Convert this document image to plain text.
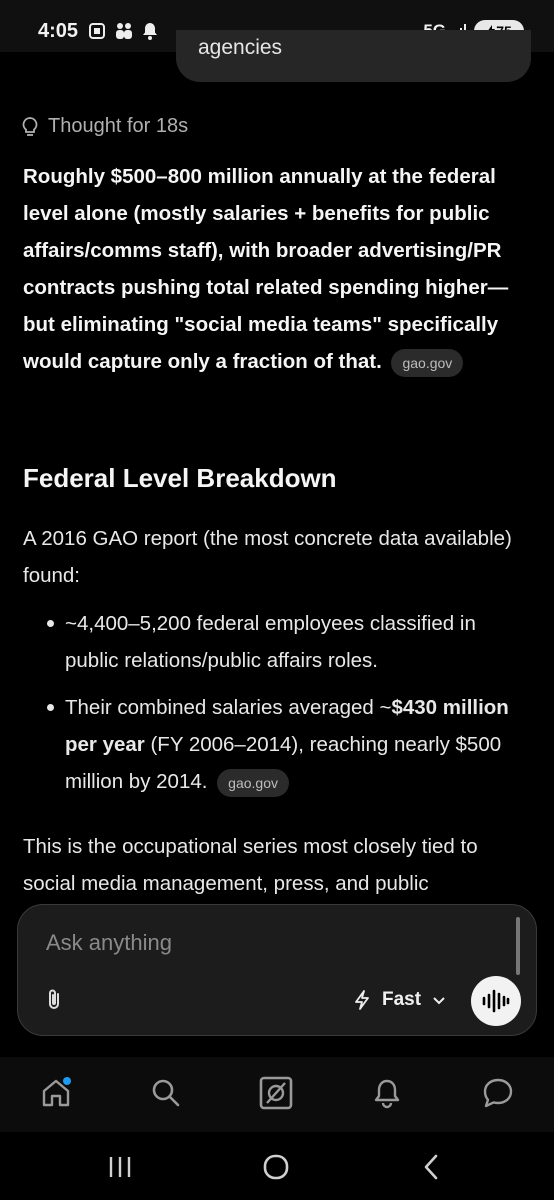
4:05
agencies
Thought for 18s
Roughly $500–800 million annually at the federal level alone (mostly salaries + benefits for public affairs/comms staff), with broader advertising/PR contracts pushing total related spending higher—but eliminating "social media teams" specifically would capture only a fraction of that. gao.gov
Federal Level Breakdown
A 2016 GAO report (the most concrete data available) found:
~4,400–5,200 federal employees classified in public relations/public affairs roles.
Their combined salaries averaged ~$430 million per year (FY 2006–2014), reaching nearly $500 million by 2014. gao.gov
This is the occupational series most closely tied to social media management, press, and public
Ask anything
Fast
